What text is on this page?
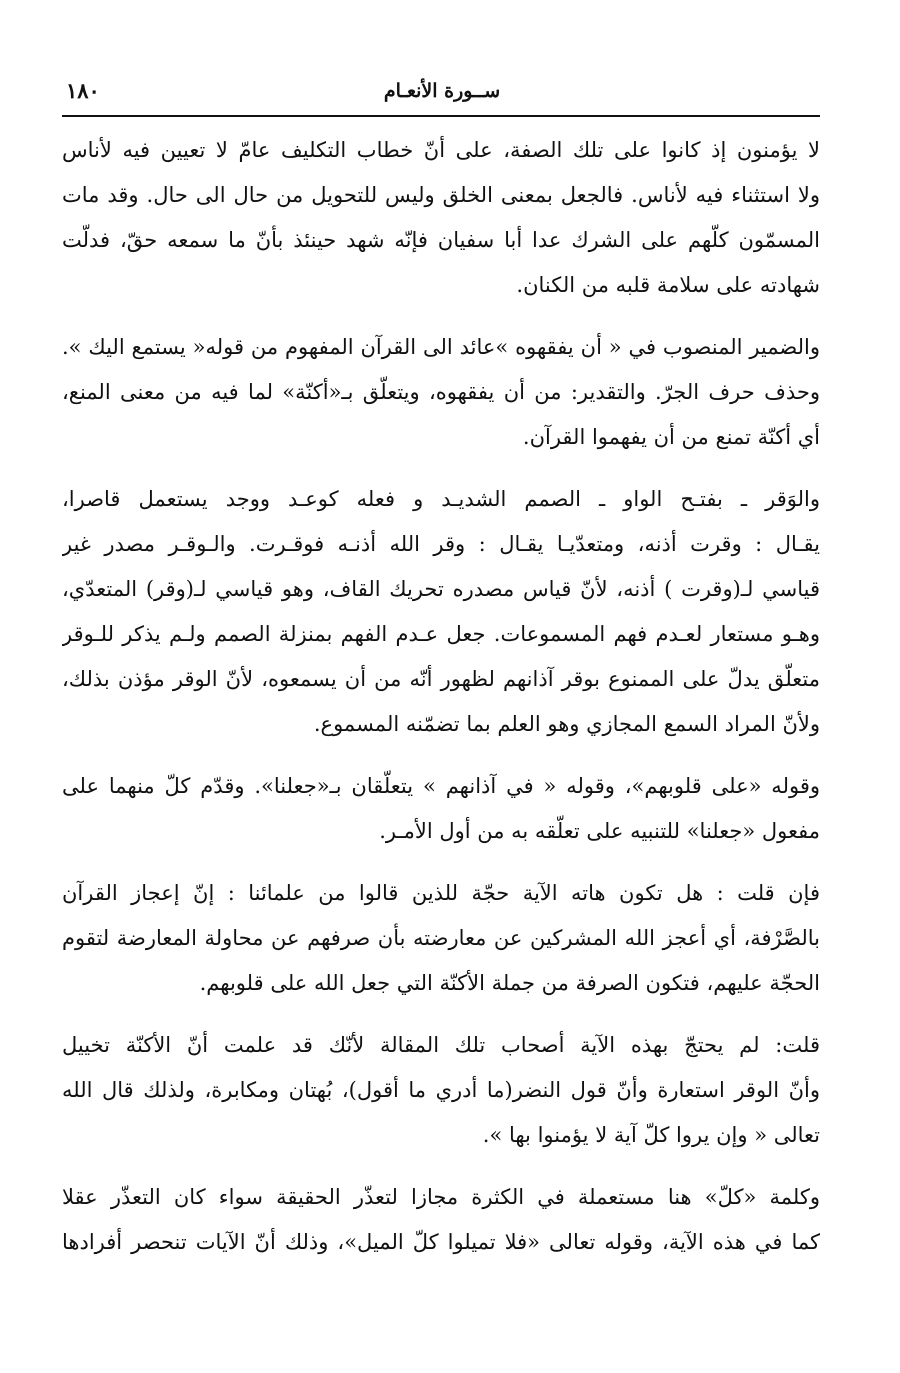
١٨٠	ســورة الأنعـام
لا يؤمنون إذ كانوا على تلك الصفة، على أنّ خطاب التكليف عامّ لا تعيين فيه لأناس
ولا استثناء فيه لأناس. فالجعل بمعنى الخلق وليس للتحويل من حال الى حال. وقد مات
المسمّون كلّهم على الشرك عدا أبا سفيان فإنّه شهد حينئذ بأنّ ما سمعه حقّ، فدلّت
شهادته على سلامة قلبه من الكنان.
والضمير المنصوب في « أن يفقهوه »عائد الى القرآن المفهوم من قوله« يستمع اليك ».
وحذف حرف الجرّ. والتقدير: من أن يفقهوه، ويتعلّق بـ«أكنّة» لما فيه من معنى المنع،
أي أكنّة تمنع من أن يفهموا القرآن.
والوَقر ـ بفتـح الواو ـ الصمم الشديـد و فعله كوعـد ووجد يستعمل قاصرا،
يقـال : وقرت أذنه، ومتعدّيـا يقـال : وقر الله أذنـه فوقـرت. والـوقـر مصدر غير
قياسي لـ(وقرت ) أذنه، لأنّ قياس مصدره تحريك القاف، وهو قياسي لـ(وقر) المتعدّي،
وهـو مستعار لعـدم فهم المسموعات. جعل عـدم الفهم بمنزلة الصمم ولـم يذكر للـوقر
متعلّق يدلّ على الممنوع بوقر آذانهم لظهور أنّه من أن يسمعوه، لأنّ الوقر مؤذن بذلك،
ولأنّ المراد السمع المجازي وهو العلم بما تضمّنه المسموع.
وقوله «على قلوبهم»، وقوله « في آذانهم » يتعلّقان بـ«جعلنا». وقدّم كلّ منهما على
مفعول «جعلنا» للتنبيه على تعلّقه به من أول الأمـر.
فإن قلت : هل تكون هاته الآية حجّة للذين قالوا من علمائنا : إنّ إعجاز القرآن
بالصَّرْفة، أي أعجز الله المشركين عن معارضته بأن صرفهم عن محاولة المعارضة لتقوم
الحجّة عليهم، فتكون الصرفة من جملة الأكنّة التي جعل الله على قلوبهم.
قلت: لم يحتجّ بهذه الآية أصحاب تلك المقالة لأنّك قد علمت أنّ الأكنّة تخييل
وأنّ الوقر استعارة وأنّ قول النضر(ما أدري ما أقول)، بُهتان ومكابرة، ولذلك قال الله
تعالى « وإن يروا كلّ آية لا يؤمنوا بها ».
وكلمة «كلّ» هنا مستعملة في الكثرة مجازا لتعذّر الحقيقة سواء كان التعذّر عقلا
كما في هذه الآية، وقوله تعالى «فلا تميلوا كلّ الميل»، وذلك أنّ الآيات تنحصر أفرادها
